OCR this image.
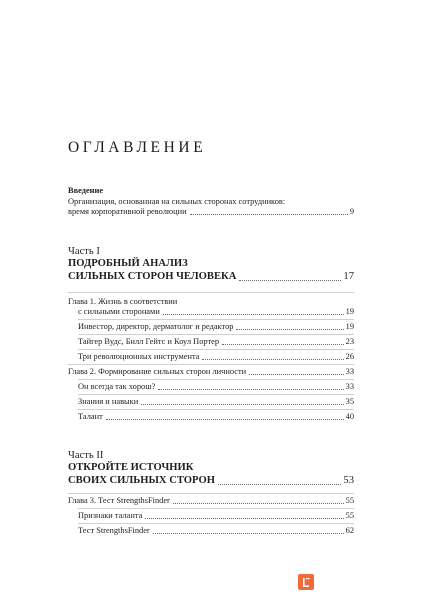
ОГЛАВЛЕНИЕ
Введение
Организация, основанная на сильных сторонах сотрудников:
время корпоративной революции	9
Часть I
ПОДРОБНЫЙ АНАЛИЗ
СИЛЬНЫХ СТОРОН ЧЕЛОВЕКА	17
Глава 1. Жизнь в соответствии
с сильными сторонами	19
Инвестор, директор, дерматолог и редактор	19
Тайгер Вудс, Билл Гейтс и Коул Портер	23
Три революционных инструмента	26
Глава 2. Формирование сильных сторон личности	33
Он всегда так хорош?	33
Знания и навыки	35
Талант	40
Часть II
ОТКРОЙТЕ ИСТОЧНИК
СВОИХ СИЛЬНЫХ СТОРОН	53
Глава 3. Тест StrengthsFinder	55
Признаки таланта	55
Тест StrengthsFinder	62
